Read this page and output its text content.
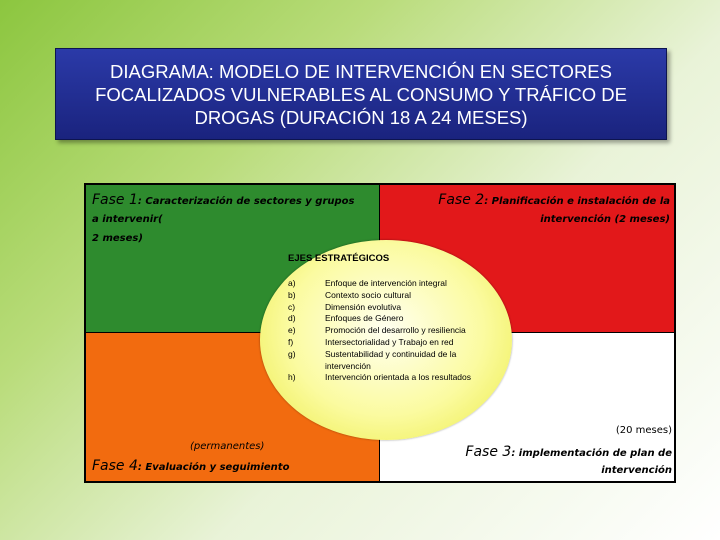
DIAGRAMA: MODELO DE INTERVENCIÓN EN SECTORES
FOCALIZADOS VULNERABLES AL CONSUMO Y TRÁFICO DE
DROGAS (DURACIÓN 18 A 24 MESES)
Fase 1: Caracterización de sectores y grupos
a intervenir(
2 meses)
Fase 2: Planificación e instalación de la
intervención (2 meses)
EJES ESTRATÉGICOS
a)	Enfoque de intervención integral
b)	Contexto socio cultural
c)	Dimensión evolutiva
d)	Enfoques de Género
e)	Promoción del desarrollo y resiliencia
f)	Intersectorialidad y Trabajo en red
g)	Sustentabilidad y continuidad de la intervención
h)	Intervención orientada a los resultados
(20 meses)
Fase 3: implementación de plan de
intervención
(permanentes)
Fase 4: Evaluación y seguimiento
